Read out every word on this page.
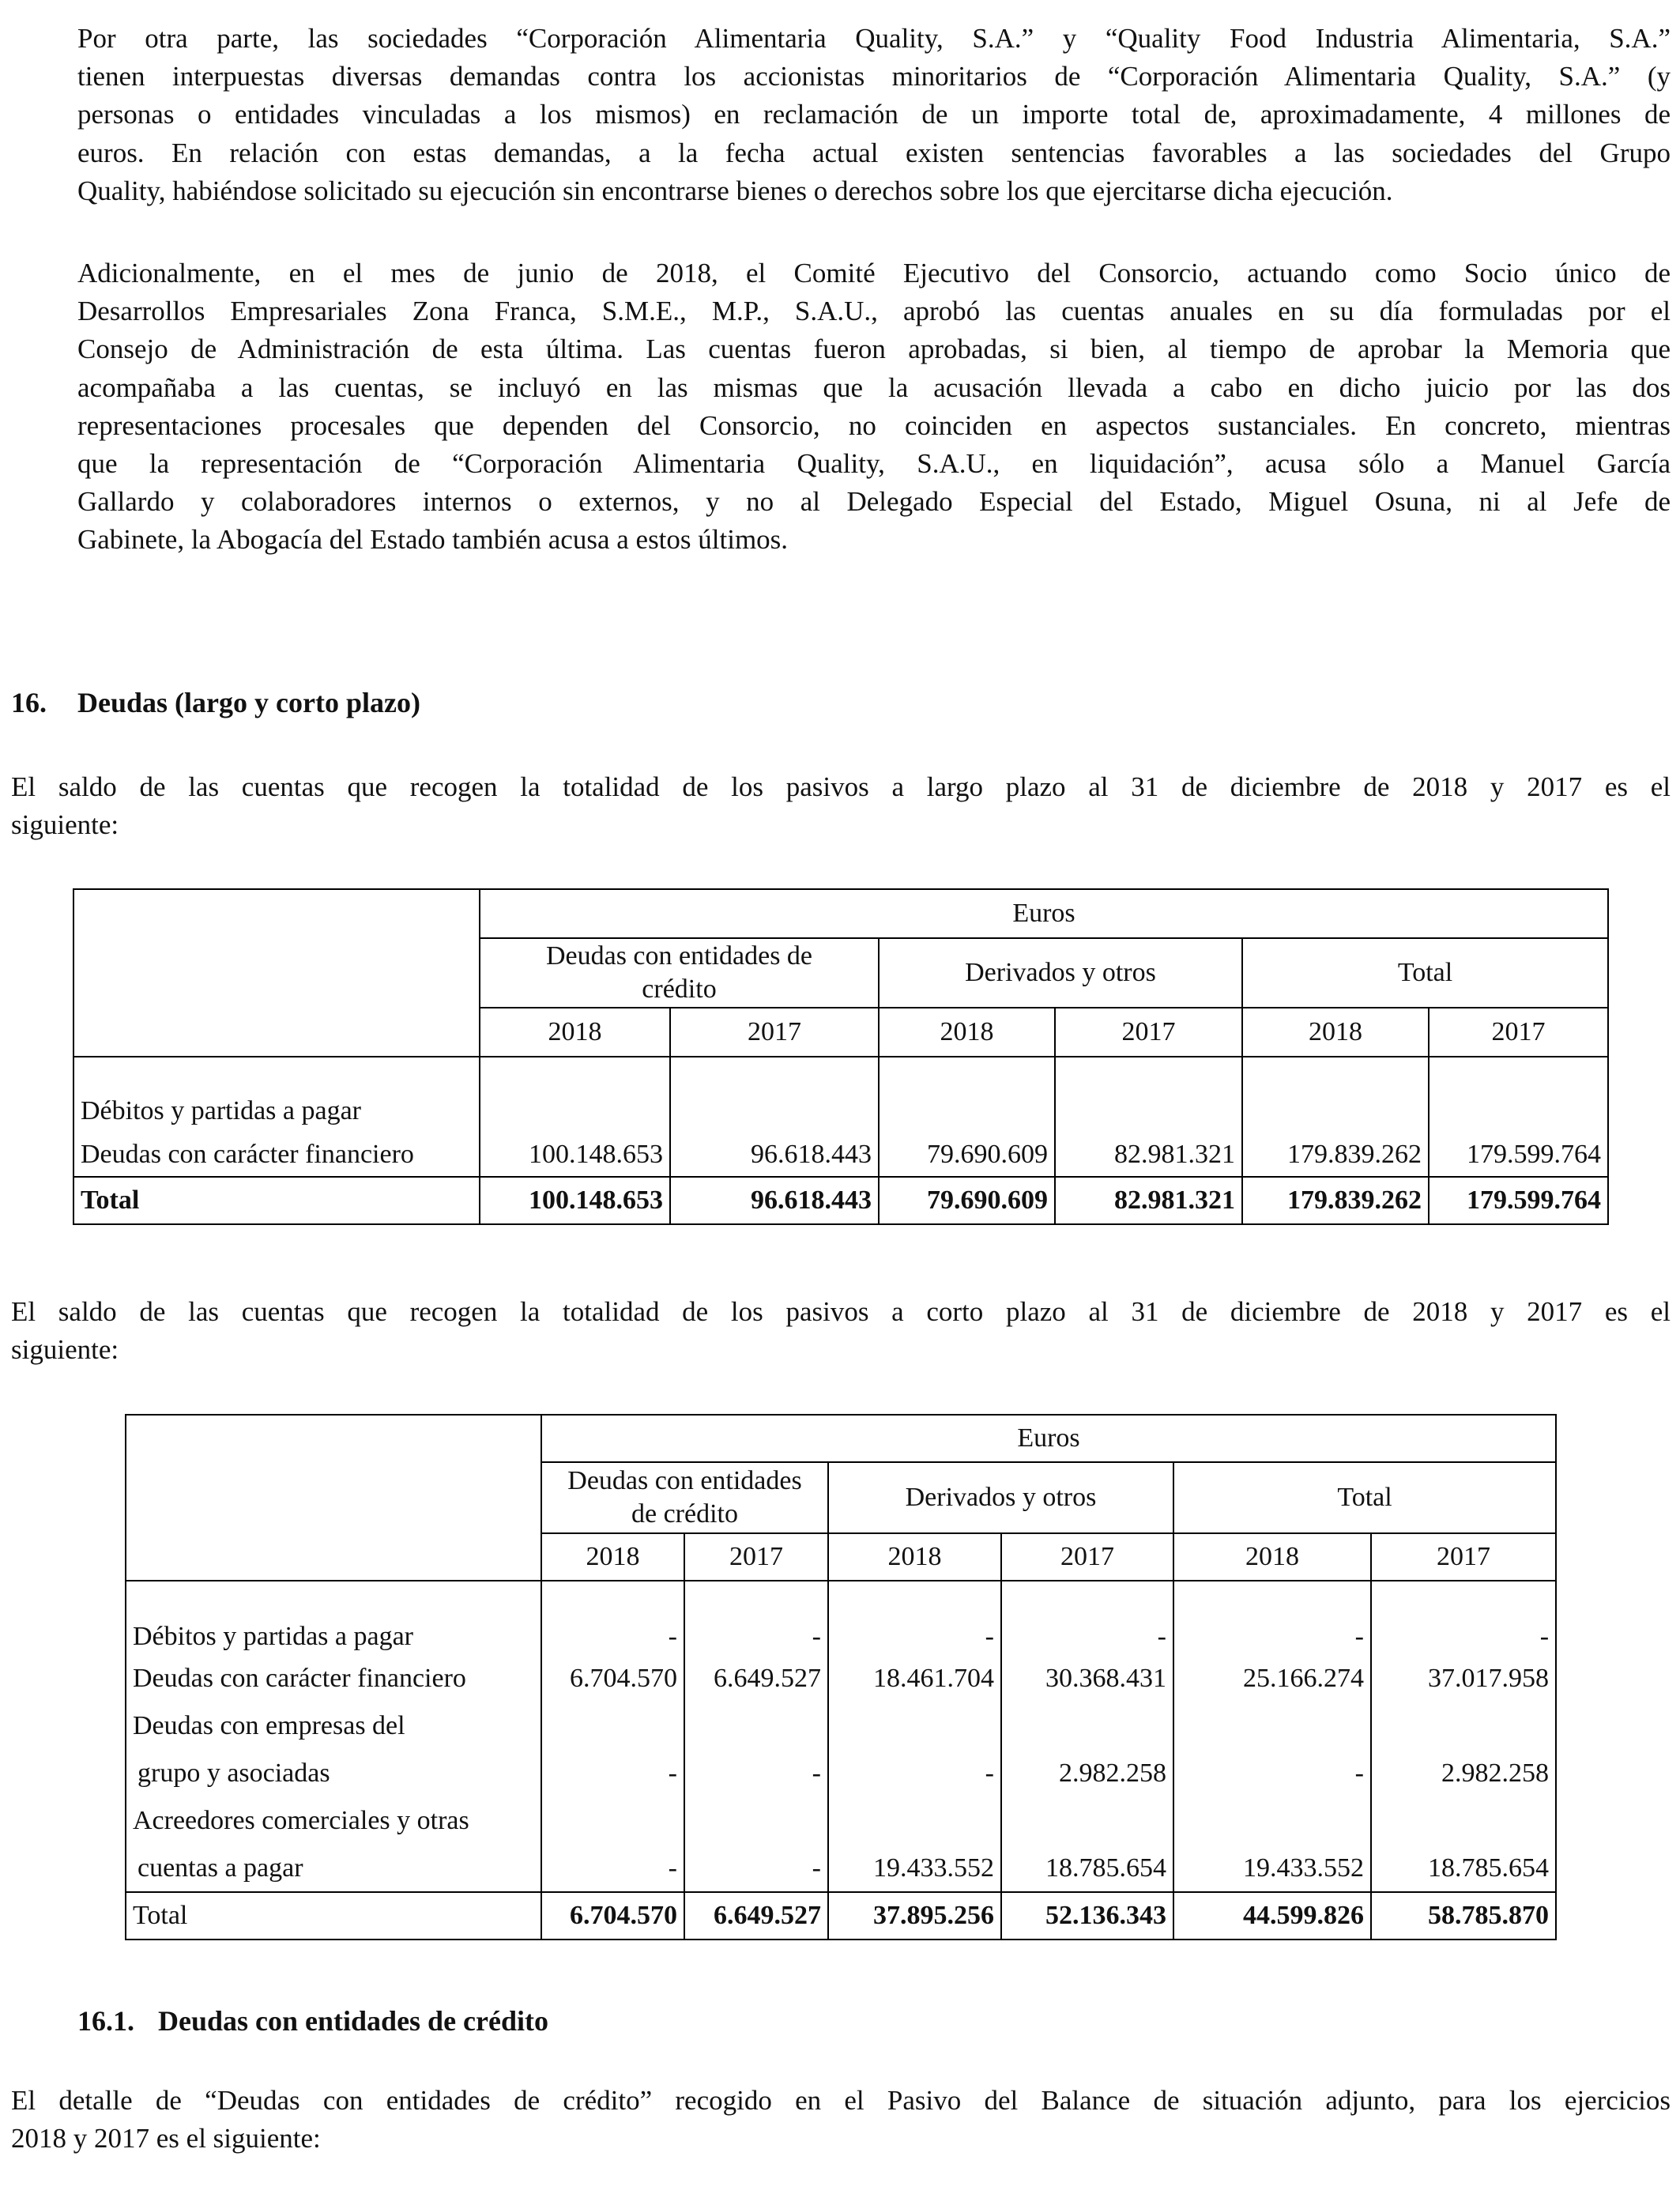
Por otra parte, las sociedades “Corporación Alimentaria Quality, S.A.” y “Quality Food Industria Alimentaria, S.A.”
tienen interpuestas diversas demandas contra los accionistas minoritarios de “Corporación Alimentaria Quality, S.A.” (y
personas o entidades vinculadas a los mismos) en reclamación de un importe total de, aproximadamente, 4 millones de
euros. En relación con estas demandas, a la fecha actual existen sentencias favorables a las sociedades del Grupo
Quality, habiéndose solicitado su ejecución sin encontrarse bienes o derechos sobre los que ejercitarse dicha ejecución.
Adicionalmente, en el mes de junio de 2018, el Comité Ejecutivo del Consorcio, actuando como Socio único de
Desarrollos Empresariales Zona Franca, S.M.E., M.P., S.A.U., aprobó las cuentas anuales en su día formuladas por el
Consejo de Administración de esta última. Las cuentas fueron aprobadas, si bien, al tiempo de aprobar la Memoria que
acompañaba a las cuentas, se incluyó en las mismas que la acusación llevada a cabo en dicho juicio por las dos
representaciones procesales que dependen del Consorcio, no coinciden en aspectos sustanciales. En concreto, mientras
que la representación de “Corporación Alimentaria Quality, S.A.U., en liquidación”, acusa sólo a Manuel García
Gallardo y colaboradores internos o externos, y no al Delegado Especial del Estado, Miguel Osuna, ni al Jefe de
Gabinete, la Abogacía del Estado también acusa a estos últimos.
16. Deudas (largo y corto plazo)
El saldo de las cuentas que recogen la totalidad de los pasivos a largo plazo al 31 de diciembre de 2018 y 2017 es el
siguiente:
	Euros					
	Deudas con entidades de crédito		Derivados y otros		Total	
	2018	2017	2018	2017	2018	2017
Débitos y partidas a pagar						
Deudas con carácter financiero	100.148.653	96.618.443	79.690.609	82.981.321	179.839.262	179.599.764
Total	100.148.653	96.618.443	79.690.609	82.981.321	179.839.262	179.599.764
El saldo de las cuentas que recogen la totalidad de los pasivos a corto plazo al 31 de diciembre de 2018 y 2017 es el
siguiente:
	Euros					
	Deudas con entidades de crédito		Derivados y otros		Total	
	2018	2017	2018	2017	2018	2017
Débitos y partidas a pagar	-	-	-	-	-	-
Deudas con carácter financiero	6.704.570	6.649.527	18.461.704	30.368.431	25.166.274	37.017.958
Deudas con empresas del						

grupo y asociadas	-	-	-	2.982.258	-	2.982.258
Acreedores comerciales y otras						
cuentas a pagar	-	-	19.433.552	18.785.654	19.433.552	18.785.654
Total	6.704.570	6.649.527	37.895.256	52.136.343	44.599.826	58.785.870
16.1. Deudas con entidades de crédito
El detalle de “Deudas con entidades de crédito” recogido en el Pasivo del Balance de situación adjunto, para los ejercicios
2018 y 2017 es el siguiente:
